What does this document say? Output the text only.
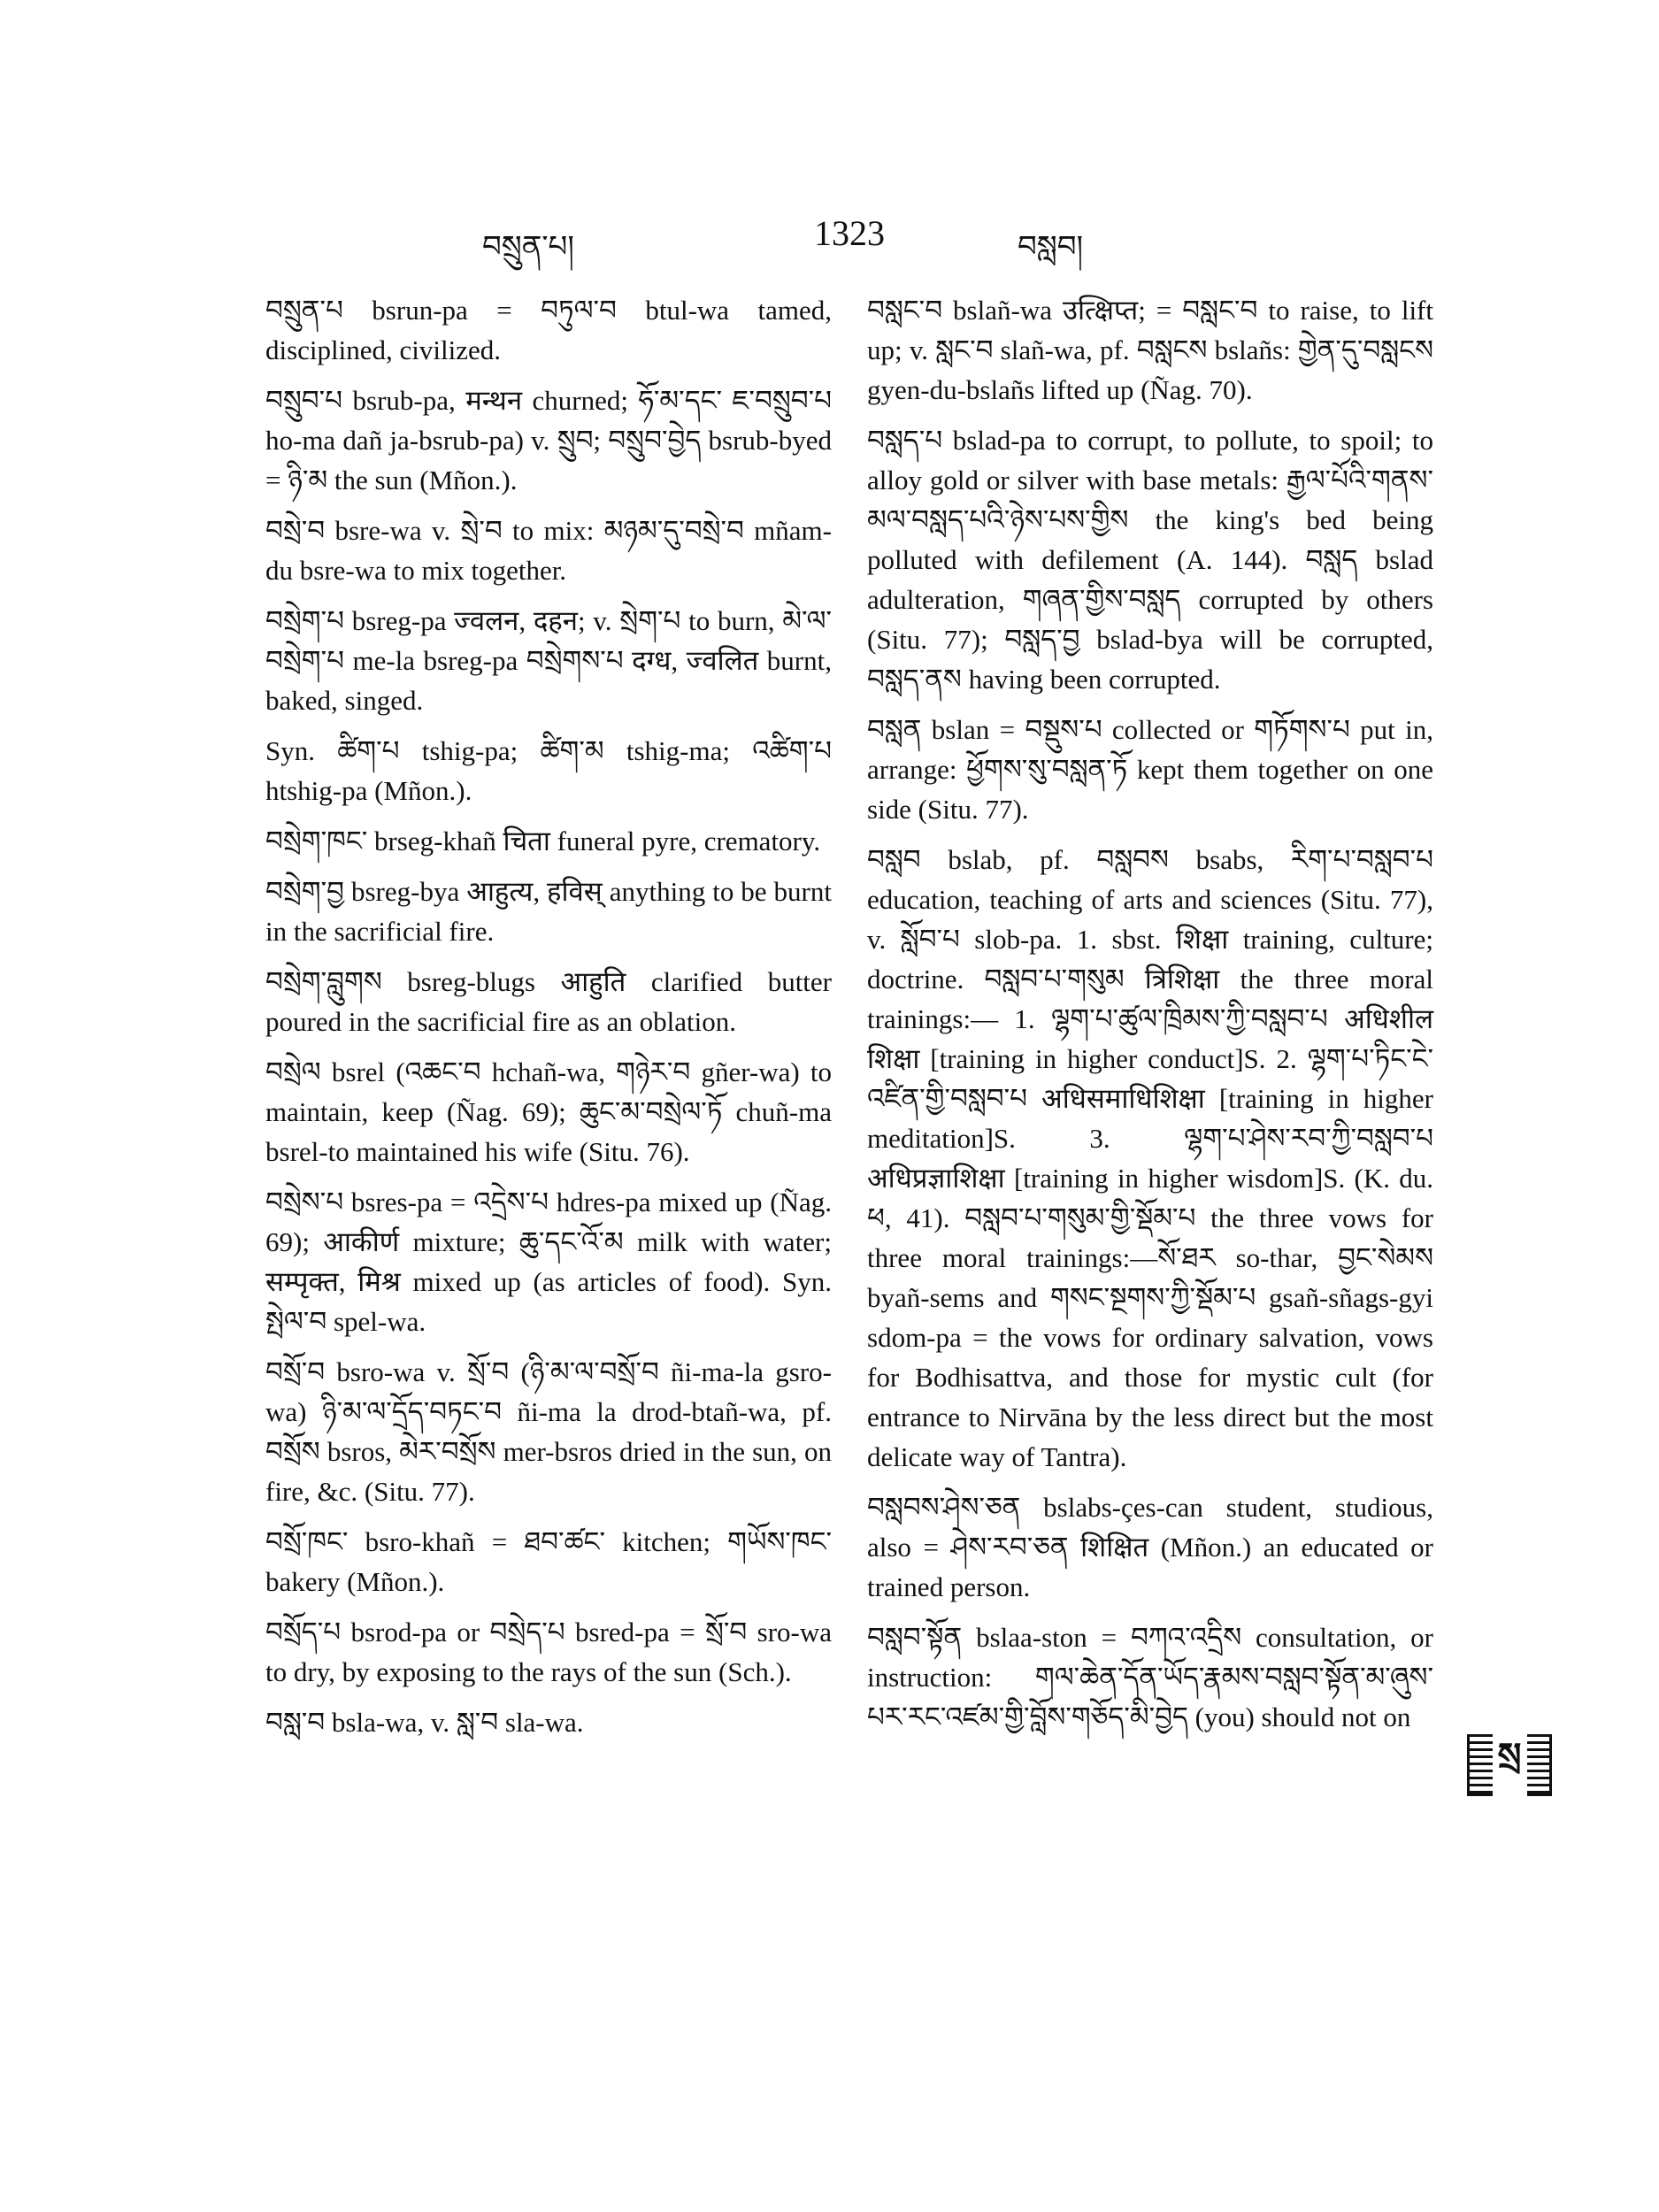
བསྲུན་པ།	1323	བསླབ།

བསྲུན་པ bsrun-pa = བཏུལ་བ btul-wa tamed, disciplined, civilized.

བསྲུབ་པ bsrub-pa, मन्थन churned; ཧོ་མ་དང་ ཇ་བསྲུབ་པ ho-ma dañ ja-bsrub-pa) v. སྲུབ; བསྲུབ་བྱེད bsrub-byed = ཉི་མ the sun (Mñon.).

བསྲེ་བ bsre-wa v. སྲེ་བ to mix: མཉམ་དུ་བསྲེ་བ mñam-du bsre-wa to mix together.

བསྲེག་པ bsreg-pa ज्वलन, दहन; v. སྲེག་པ to burn, མེ་ལ་བསྲེག་པ me-la bsreg-pa བསྲེགས་པ दग्ध, ज्वलित burnt, baked, singed.

Syn. ཚིག་པ tshig-pa; ཚིག་མ tshig-ma; འཚིག་པ htshig-pa (Mñon.).

བསྲེག་ཁང་ brseg-khañ चिता funeral pyre, crematory.

བསྲེག་བྱ bsreg-bya आहुत्य, हविस् anything to be burnt in the sacrificial fire.

བསྲེག་བླུགས bsreg-blugs आहुति clarified butter poured in the sacrificial fire as an oblation.

བསྲེལ bsrel (འཆང་བ hchañ-wa, གཉེར་བ gñer-wa) to maintain, keep (Ñag. 69); ཆུང་མ་བསྲེལ་ཏོ chuñ-ma bsrel-to maintained his wife (Situ. 76).

བསྲེས་པ bsres-pa = འདྲེས་པ hdres-pa mixed up (Ñag. 69); आकीर्ण mixture; ཆུ་དང་འོ་མ milk with water; सम्पृक्त, मिश्र mixed up (as articles of food). Syn. སྤེལ་བ spel-wa.

བསྲོ་བ bsro-wa v. སྲོ་བ (ཉི་མ་ལ་བསྲོ་བ ñi-ma-la gsro-wa) ཉི་མ་ལ་དྲོད་བཏང་བ ñi-ma la drod-btañ-wa, pf. བསྲོས bsros, མེར་བསྲོས mer-bsros dried in the sun, on fire, &c. (Situ. 77).

བསྲོ་ཁང་ bsro-khañ = ཐབ་ཚང་ kitchen; གཡོས་ཁང་ bakery (Mñon.).

བསྲོད་པ bsrod-pa or བསྲེད་པ bsred-pa = སྲོ་བ sro-wa to dry, by exposing to the rays of the sun (Sch.).

བསླ་བ bsla-wa, v. སླ་བ sla-wa.

བསླང་བ bslañ-wa उत्क्षिप्त; = བསླང་བ to raise, to lift up; v. སླང་བ slañ-wa, pf. བསླངས bslañs: གྱེན་དུ་བསླངས gyen-du-bslañs lifted up (Ñag. 70).

བསླད་པ bslad-pa to corrupt, to pollute, to spoil; to alloy gold or silver with base metals: རྒྱལ་པོའི་གནས་མལ་བསླད་པའི་ཉེས་པས་གྱིས the king's bed being polluted with defilement (A. 144). བསླད bslad adulteration, གཞན་གྱིས་བསླད corrupted by others (Situ. 77); བསླད་བྱ bslad-bya will be corrupted, བསླད་ནས having been corrupted.

བསླན bslan = བསྡུས་པ collected or གཏོགས་པ put in, arrange: ཕྱོགས་སུ་བསླན་ཏོ kept them together on one side (Situ. 77).

བསླབ bslab, pf. བསླབས bsabs, རིག་པ་བསླབ་པ education, teaching of arts and sciences (Situ. 77), v. སློབ་པ slob-pa. 1. sbst. शिक्षा training, culture; doctrine. བསླབ་པ་གསུམ त्रिशिक्षा the three moral trainings:— 1. ལྷག་པ་ཚུལ་ཁྲིམས་ཀྱི་བསླབ་པ अधिशील शिक्षा [training in higher conduct]S. 2. ལྷག་པ་ཏིང་ངེ་འཛིན་གྱི་བསླབ་པ अधिसमाधिशिक्षा [training in higher meditation]S. 3. ལྷག་པ་ཤེས་རབ་ཀྱི་བསླབ་པ अधिप्रज्ञाशिक्षा [training in higher wisdom]S. (K. du. ཕ, 41). བསླབ་པ་གསུམ་གྱི་སྡོམ་པ the three vows for three moral trainings:—སོ་ཐར so-thar, བྱང་སེམས byañ-sems and གསང་སྔགས་ཀྱི་སྡོམ་པ gsañ-sñags-gyi sdom-pa = the vows for ordinary salvation, vows for Bodhisattva, and those for mystic cult (for entrance to Nirvāna by the less direct but the most delicate way of Tantra).

བསླབས་ཤེས་ཅན bslabs-çes-can student, studious, also = ཤེས་རབ་ཅན शिक्षित (Mñon.) an educated or trained person.

བསླབ་སྟོན bslaa-ston = བཀའ་འདྲིས consultation, or instruction: གལ་ཆེན་དོན་ཡོད་རྣམས་བསླབ་སྟོན་མ་ཞུས་པར་རང་འཛམ་གྱི་བློས་གཅོད་མི་བྱེད (you) should not on

སྲ
